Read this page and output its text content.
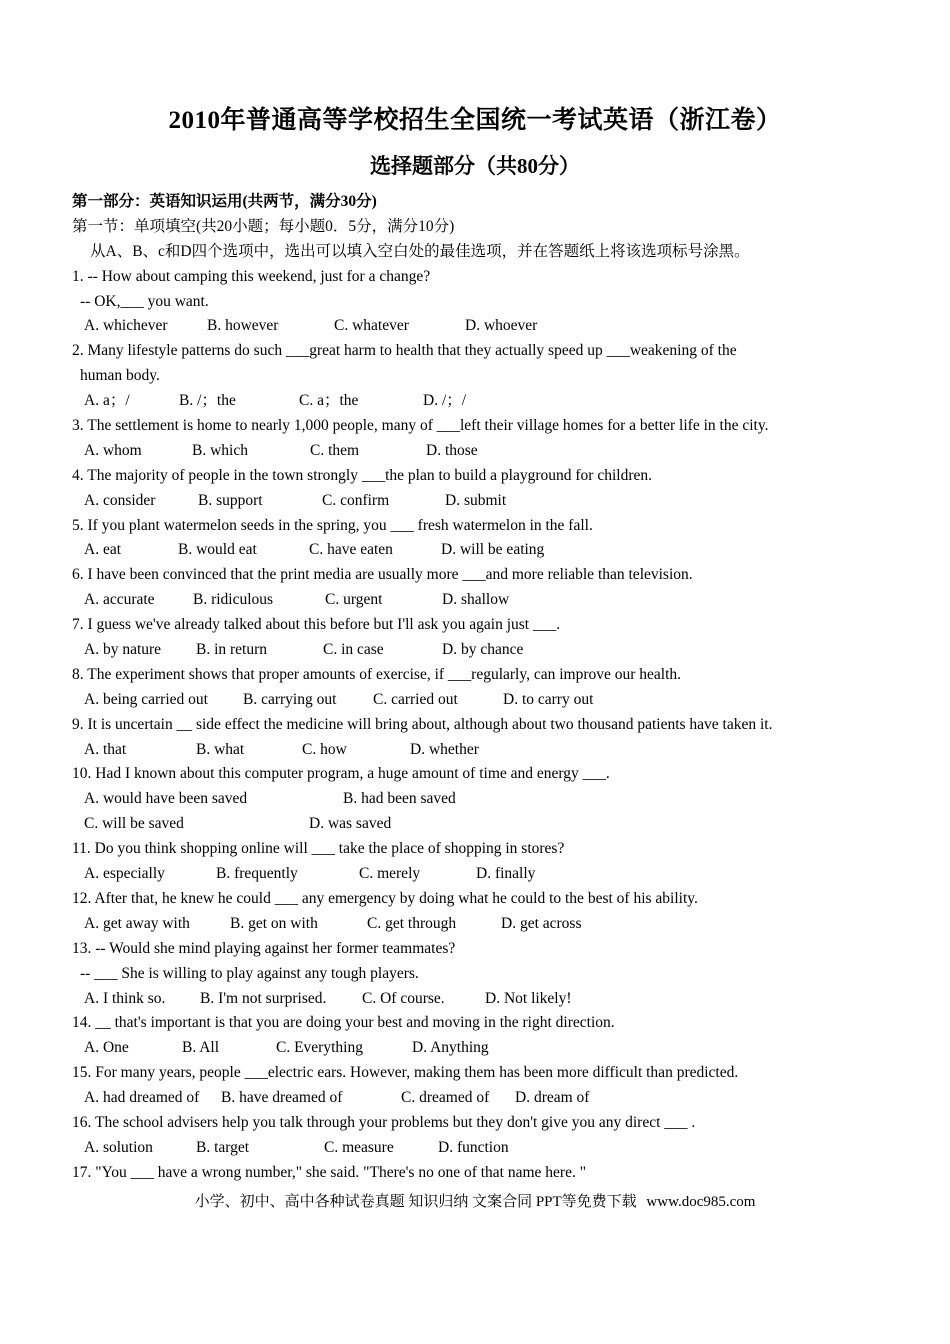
2010年普通高等学校招生全国统一考试英语（浙江卷）
选择题部分（共80分）
第一部分：英语知识运用(共两节，满分30分)
第一节：单项填空(共20小题；每小题0．5分，满分10分)
从A、B、c和D四个选项中，选出可以填入空白处的最佳选项，并在答题纸上将该选项标号涂黑。
1. -- How about camping this weekend, just for a change?
-- OK,___ you want.
A. whichever	B. however	C. whatever	D. whoever
2. Many lifestyle patterns do such ___great harm to health that they actually speed up ___weakening of the
human body.
A. a；/	B. /；the	C. a；the	D. /；/
3. The settlement is home to nearly 1,000 people, many of ___left their village homes for a better life in the city.
A. whom	B. which	C. them	D. those
4. The majority of people in the town strongly ___the plan to build a playground for children.
A. consider	B. support	C. confirm	D. submit
5. If you plant watermelon seeds in the spring, you ___ fresh watermelon in the fall.
A. eat	B. would eat	C. have eaten	D. will be eating
6. I have been convinced that the print media are usually more ___and more reliable than television.
A. accurate	B. ridiculous	C. urgent	D. shallow
7. I guess we've already talked about this before but I'll ask you again just ___.
A. by nature	B. in return	C. in case	D. by chance
8. The experiment shows that proper amounts of exercise, if ___regularly, can improve our health.
A. being carried out	B. carrying out	C. carried out	D. to carry out
9. It is uncertain __ side effect the medicine will bring about, although about two thousand patients have taken it.
A. that	B. what	C. how	D. whether
10. Had I known about this computer program, a huge amount of time and energy ___.
A. would have been saved	B. had been saved
C. will be saved	D. was saved
11. Do you think shopping online will ___ take the place of shopping in stores?
A. especially	B. frequently	C. merely	D. finally
12. After that, he knew he could ___ any emergency by doing what he could to the best of his ability.
A. get away with	B. get on with	C. get through	D. get across
13. -- Would she mind playing against her former teammates?
-- ___ She is willing to play against any tough players.
A. I think so.	B. I'm not surprised.	C. Of course.	D. Not likely!
14. __ that's important is that you are doing your best and moving in the right direction.
A. One	B. All	C. Everything	D. Anything
15. For many years, people ___electric ears. However, making them has been more difficult than predicted.
A. had dreamed of	B. have dreamed of	C. dreamed of	D. dream of
16. The school advisers help you talk through your problems but they don't give you any direct ___ .
A. solution	B. target	C. measure	D. function
17. "You ___ have a wrong number," she said. "There's no one of that name here. "
小学、初中、高中各种试卷真题 知识归纳 文案合同 PPT等免费下载 www.doc985.com
